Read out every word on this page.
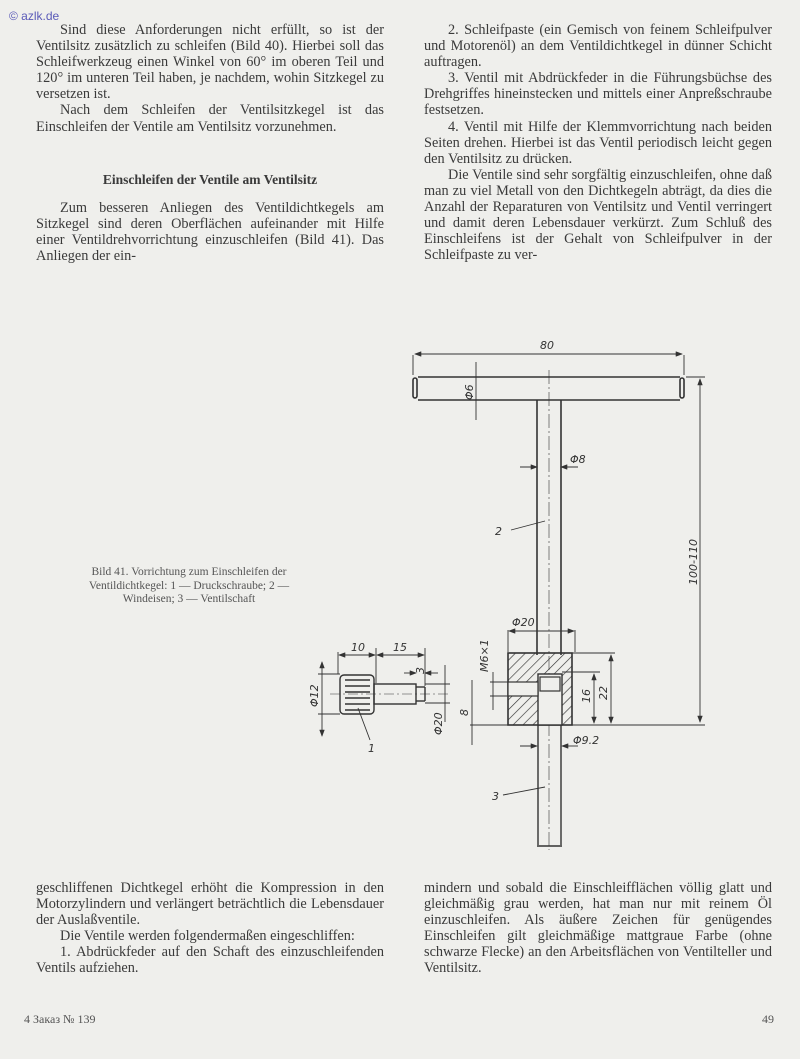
© azlk.de

Sind diese Anforderungen nicht erfüllt, so ist der Ventilsitz zusätzlich zu schleifen (Bild 40). Hierbei soll das Schleifwerkzeug einen Winkel von 60° im oberen Teil und 120° im unteren Teil haben, je nachdem, wohin Sitzkegel zu versetzen ist.

Nach dem Schleifen der Ventilsitzkegel ist das Einschleifen der Ventile am Ventilsitz vorzunehmen.

Einschleifen der Ventile am Ventilsitz

Zum besseren Anliegen des Ventildichtkegels am Sitzkegel sind deren Oberflächen aufeinander mit Hilfe einer Ventildrehvorrichtung einzuschleifen (Bild 41). Das Anliegen der ein-

2. Schleifpaste (ein Gemisch von feinem Schleifpulver und Motorenöl) an dem Ventildichtkegel in dünner Schicht auftragen.

3. Ventil mit Abdrückfeder in die Führungsbüchse des Drehgriffes hineinstecken und mittels einer Anpreßschraube festsetzen.

4. Ventil mit Hilfe der Klemmvorrichtung nach beiden Seiten drehen. Hierbei ist das Ventil periodisch leicht gegen den Ventilsitz zu drücken.

Die Ventile sind sehr sorgfältig einzuschleifen, ohne daß man zu viel Metall von den Dichtkegeln abträgt, da dies die Anzahl der Reparaturen von Ventilsitz und Ventil verringert und damit deren Lebensdauer verkürzt. Zum Schluß des Einschleifens ist der Gehalt von Schleifpulver in der Schleifpaste zu ver-

Bild 41. Vorrichtung zum Einschleifen der Ventildichtkegel: 1 — Druckschraube; 2 — Windeisen; 3 — Ventilschaft
80
Φ6
Φ8
100-110
Φ20
M6×1
16 22
Φ9.2
10	15
3
Φ12
Φ20 8
2
3
1

geschliffenen Dichtkegel erhöht die Kompression in den Motorzylindern und verlängert beträchtlich die Lebensdauer der Auslaßventile.

Die Ventile werden folgendermaßen eingeschliffen:

1. Abdrückfeder auf den Schaft des einzuschleifenden Ventils aufziehen.

mindern und sobald die Einschleifflächen völlig glatt und gleichmäßig grau werden, hat man nur mit reinem Öl einzuschleifen. Als äußere Zeichen für genügendes Einschleifen gilt gleichmäßige mattgraue Farbe (ohne schwarze Flecke) an den Arbeitsflächen von Ventilteller und Ventilsitz.

4 Заказ № 139	49
